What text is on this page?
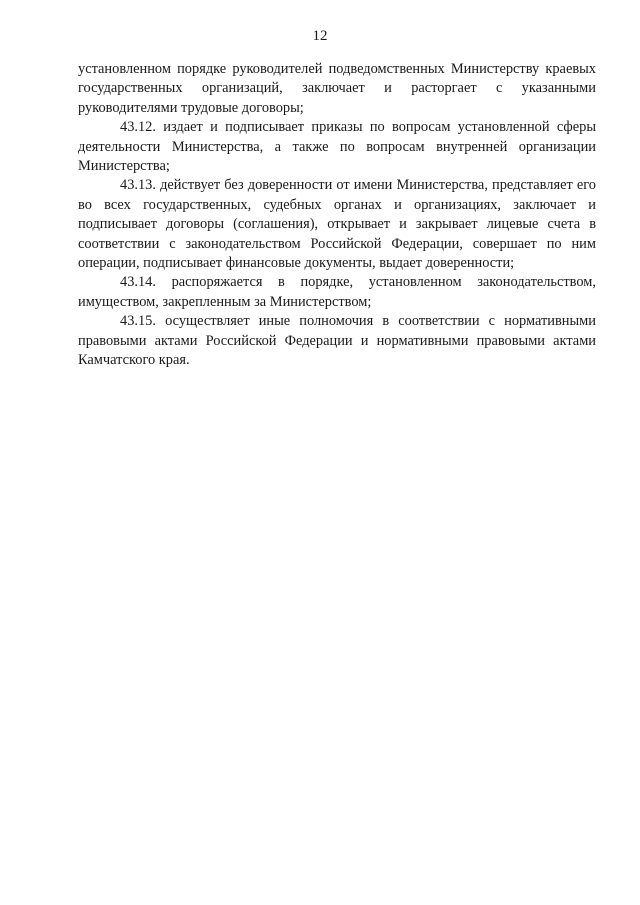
12

установленном порядке руководителей подведомственных Министерству краевых государственных организаций, заключает и расторгает с указанными руководителями трудовые договоры;

43.12. издает и подписывает приказы по вопросам установленной сферы деятельности Министерства, а также по вопросам внутренней организации Министерства;

43.13. действует без доверенности от имени Министерства, представляет его во всех государственных, судебных органах и организациях, заключает и подписывает договоры (соглашения), открывает и закрывает лицевые счета в соответствии с законодательством Российской Федерации, совершает по ним операции, подписывает финансовые документы, выдает доверенности;

43.14. распоряжается в порядке, установленном законодательством, имуществом, закрепленным за Министерством;

43.15. осуществляет иные полномочия в соответствии с нормативными правовыми актами Российской Федерации и нормативными правовыми актами Камчатского края.
